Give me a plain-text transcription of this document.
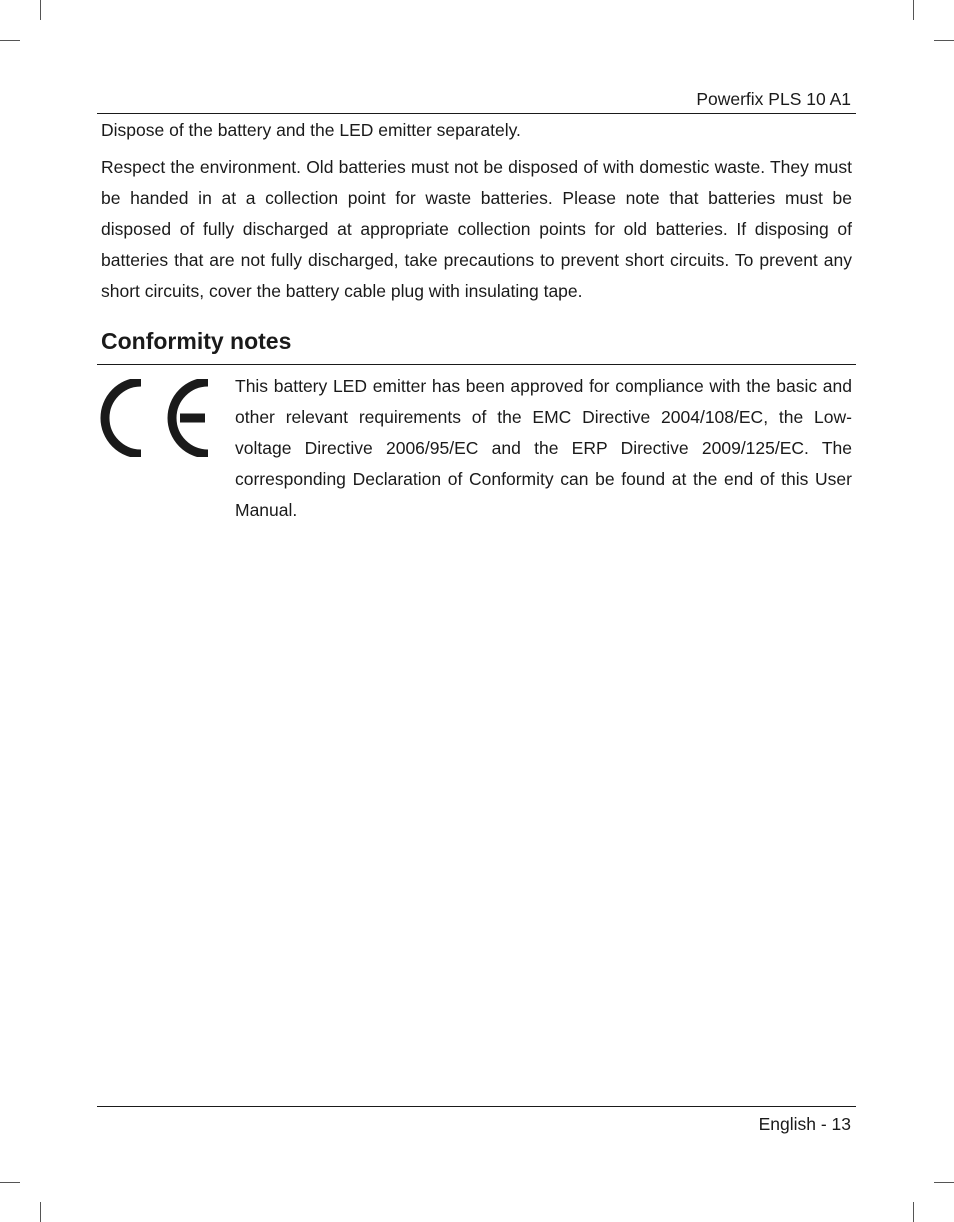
Powerfix PLS 10 A1

Dispose of the battery and the LED emitter separately.

Respect the environment. Old batteries must not be disposed of with domestic waste. They must be handed in at a collection point for waste batteries. Please note that batteries must be disposed of fully discharged at appropriate collection points for old batteries. If disposing of batteries that are not fully discharged, take precautions to prevent short circuits. To prevent any short circuits, cover the battery cable plug with insulating tape.

Conformity notes

This battery LED emitter has been approved for compliance with the basic and other relevant requirements of the EMC Directive 2004/108/EC, the Low-voltage Directive 2006/95/EC and the ERP Directive 2009/125/EC. The corresponding Declaration of Conformity can be found at the end of this User Manual.

English - 13
